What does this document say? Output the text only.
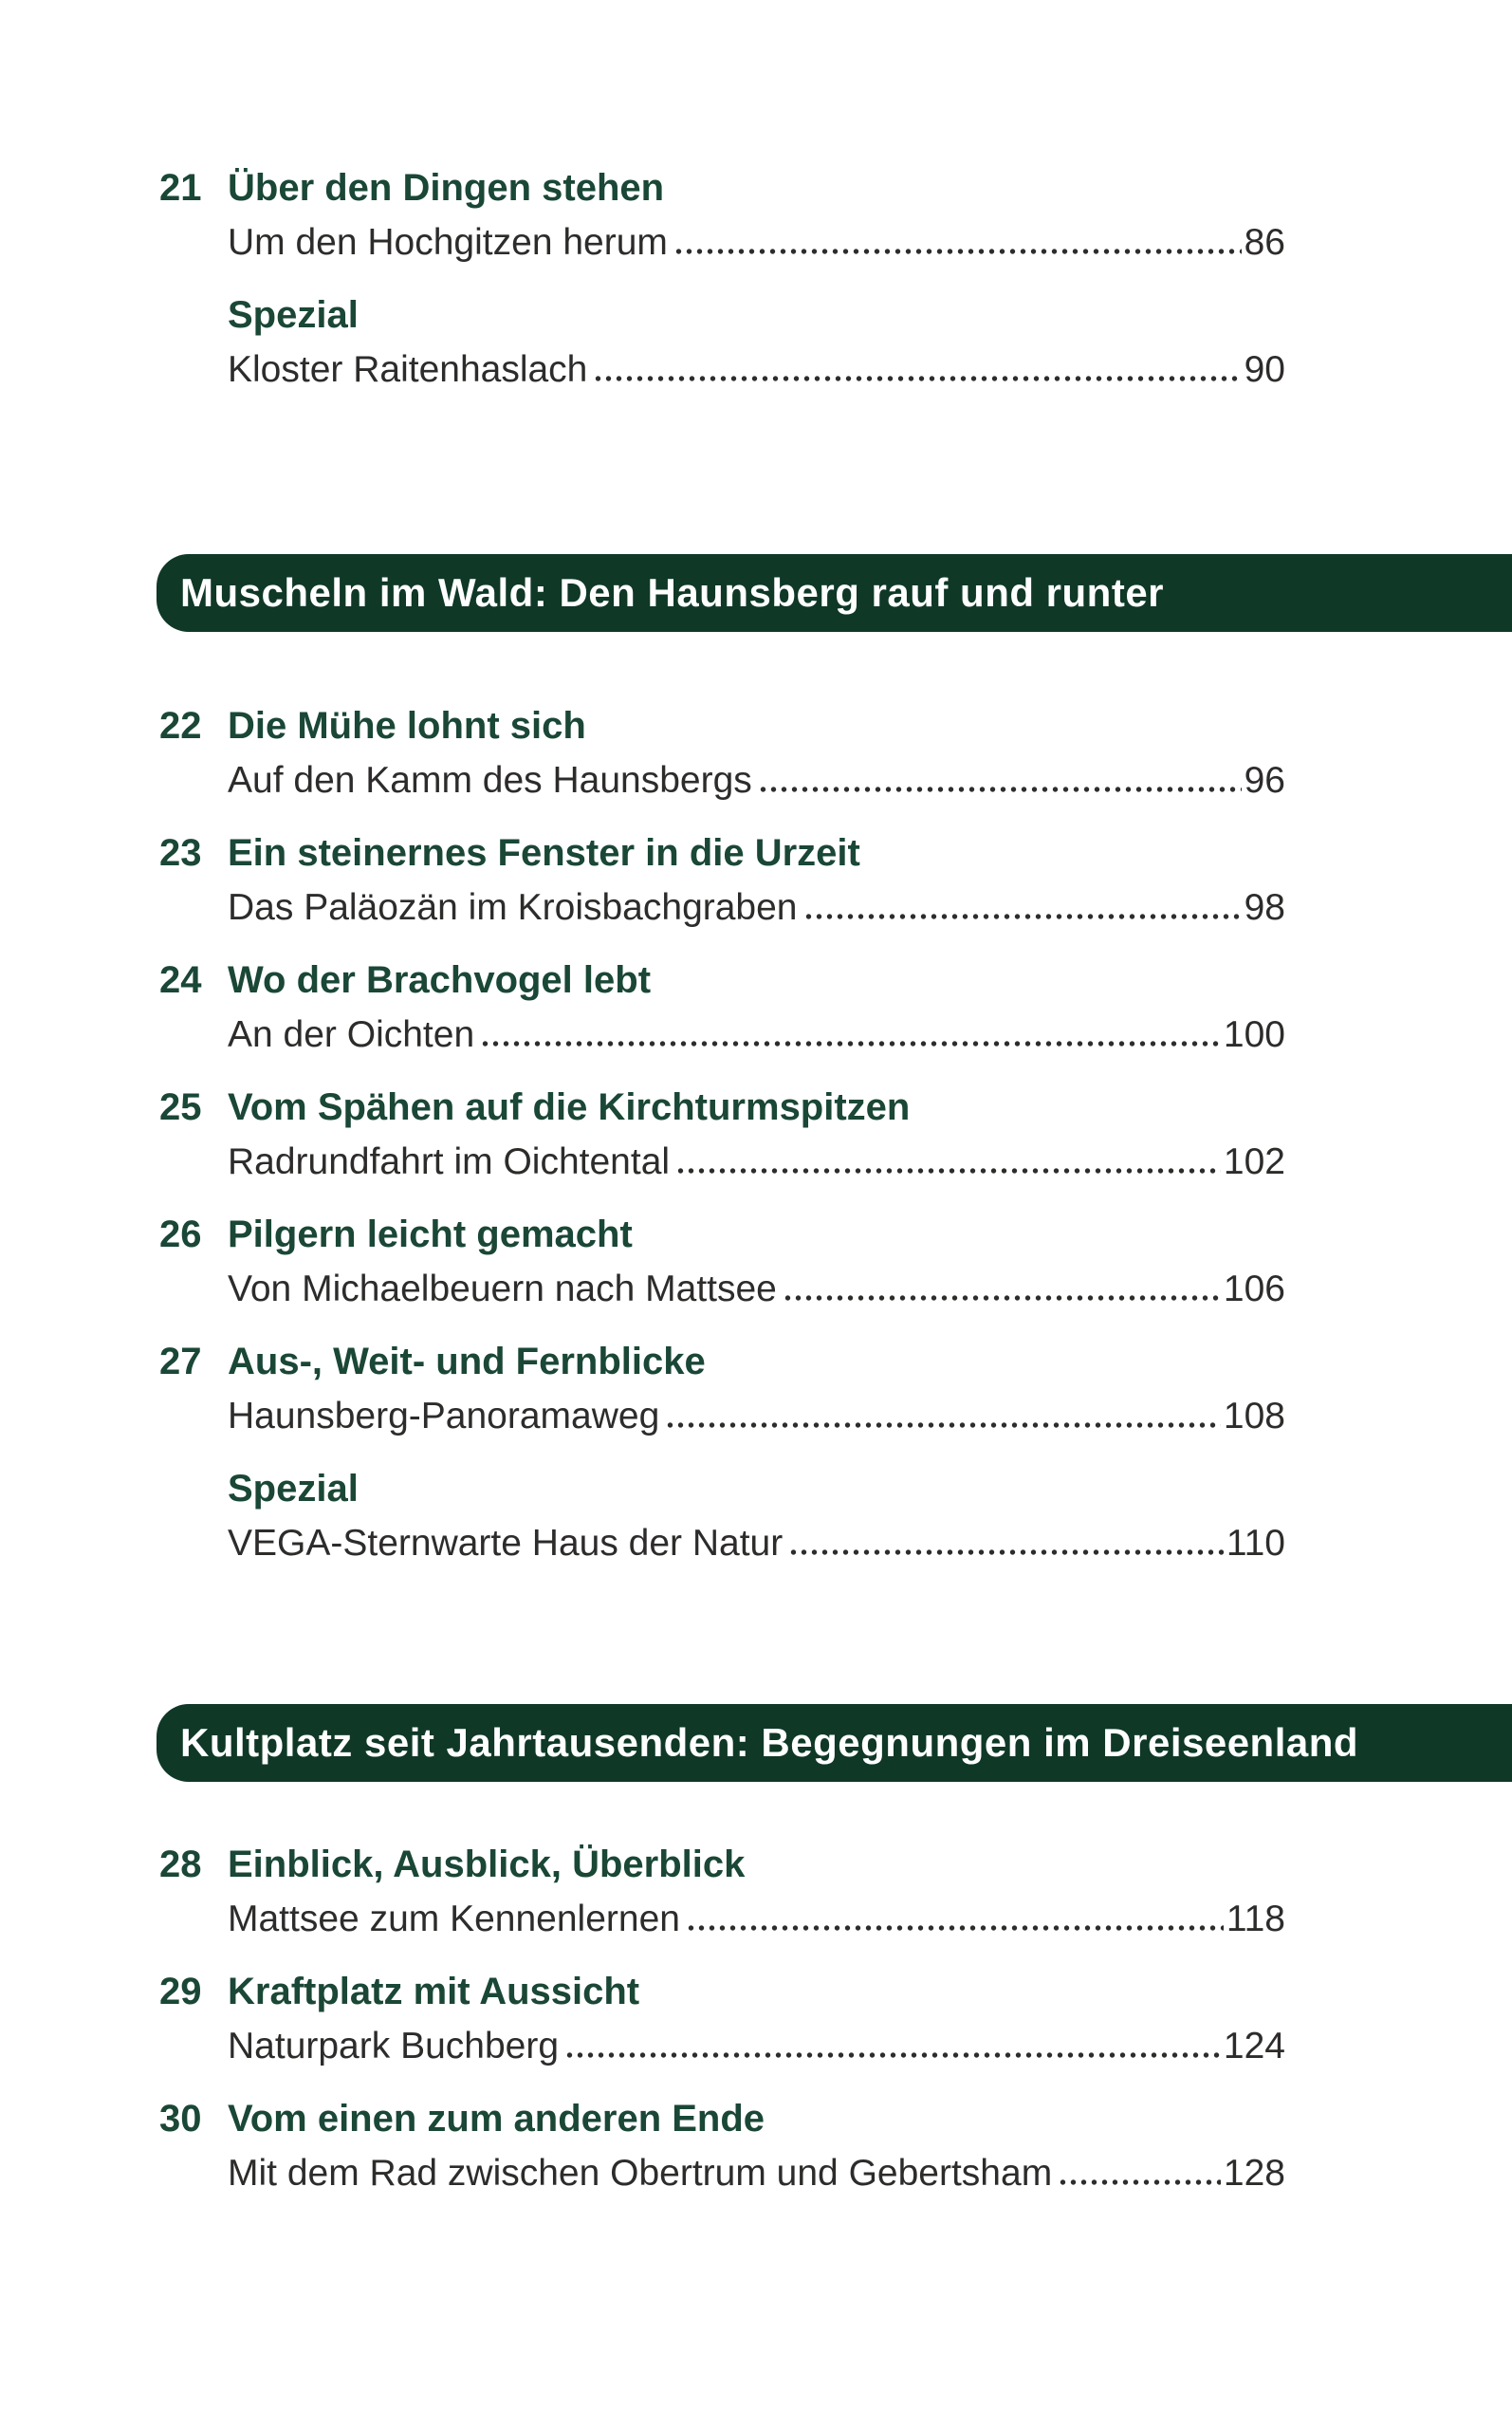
21 Über den Dingen stehen
Um den Hochgitzen herum	86
Spezial
Kloster Raitenhaslach	90
Muscheln im Wald: Den Haunsberg rauf und runter
22 Die Mühe lohnt sich
Auf den Kamm des Haunsbergs	96
23 Ein steinernes Fenster in die Urzeit
Das Paläozän im Kroisbachgraben	98
24 Wo der Brachvogel lebt
An der Oichten	100
25 Vom Spähen auf die Kirchturmspitzen
Radrundfahrt im Oichtental	102
26 Pilgern leicht gemacht
Von Michaelbeuern nach Mattsee	106
27 Aus-, Weit- und Fernblicke
Haunsberg-Panoramaweg	108
Spezial
VEGA-Sternwarte Haus der Natur	110
Kultplatz seit Jahrtausenden: Begegnungen im Dreiseenland
28 Einblick, Ausblick, Überblick
Mattsee zum Kennenlernen	118
29 Kraftplatz mit Aussicht
Naturpark Buchberg	124
30 Vom einen zum anderen Ende
Mit dem Rad zwischen Obertrum und Gebertsham	128
